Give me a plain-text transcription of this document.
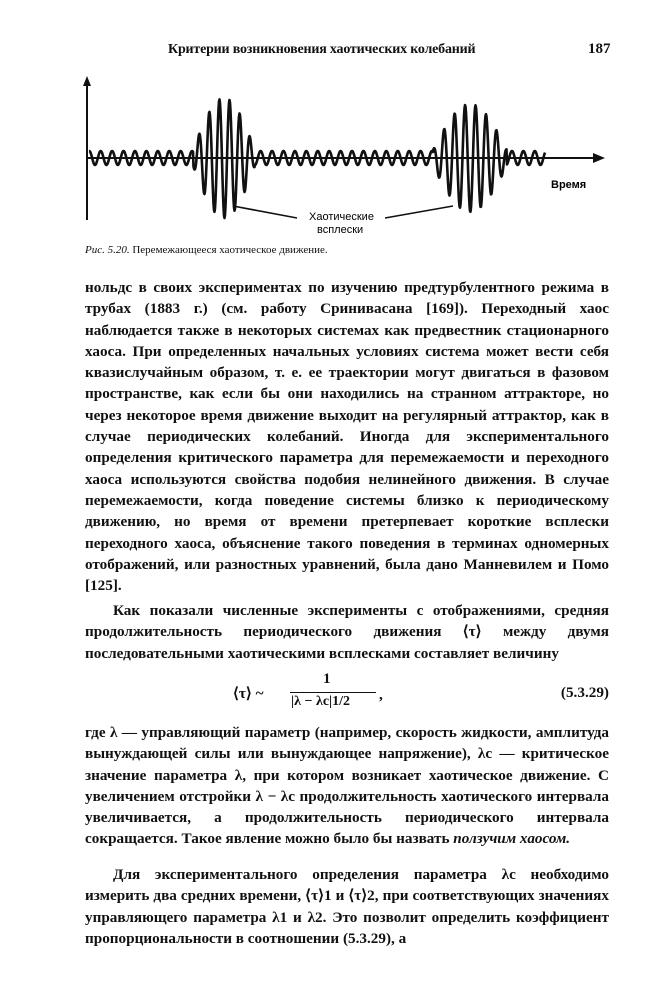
Критерии возникновения хаотических колебаний	187
Время
Хаотические
всплески
Рис. 5.20. Перемежающееся хаотическое движение.

нольдс в своих экспериментах по изучению предтурбулентного режима в трубах (1883 г.) (см. работу Сринивасана [169]). Переходный хаос наблюдается также в некоторых системах как предвестник стационарного хаоса. При определенных начальных условиях система может вести себя квазислучайным образом, т. е. ее траектории могут двигаться в фазовом пространстве, как если бы они находились на странном аттракторе, но через некоторое время движение выходит на регулярный аттрактор, как в случае периодических колебаний. Иногда для экспериментального определения критического параметра для перемежаемости и переходного хаоса используются свойства подобия нелинейного движения. В случае перемежаемости, когда поведение системы близко к периодическому движению, но время от времени претерпевает короткие всплески переходного хаоса, объяснение такого поведения в терминах одномерных отображений, или разностных уравнений, была дано Манневилем и Помо [125].

Как показали численные эксперименты с отображениями, средняя продолжительность периодического движения ⟨τ⟩ между двумя последовательными хаотическими всплесками составляет величину

⟨τ⟩ ~
1
|λ − λc|1/2 ,	(5.3.29)

где λ — управляющий параметр (например, скорость жидкости, амплитуда вынуждающей силы или вынуждающее напряжение), λc — критическое значение параметра λ, при котором возникает хаотическое движение. С увеличением отстройки λ − λc продолжительность хаотического интервала увеличивается, а продолжительность периодического интервала сокращается. Такое явление можно было бы назвать ползучим хаосом.

Для экспериментального определения параметра λc необходимо измерить два средних времени, ⟨τ⟩1 и ⟨τ⟩2, при соответствующих значениях управляющего параметра λ1 и λ2. Это позволит определить коэффициент пропорциональности в соотношении (5.3.29), а
